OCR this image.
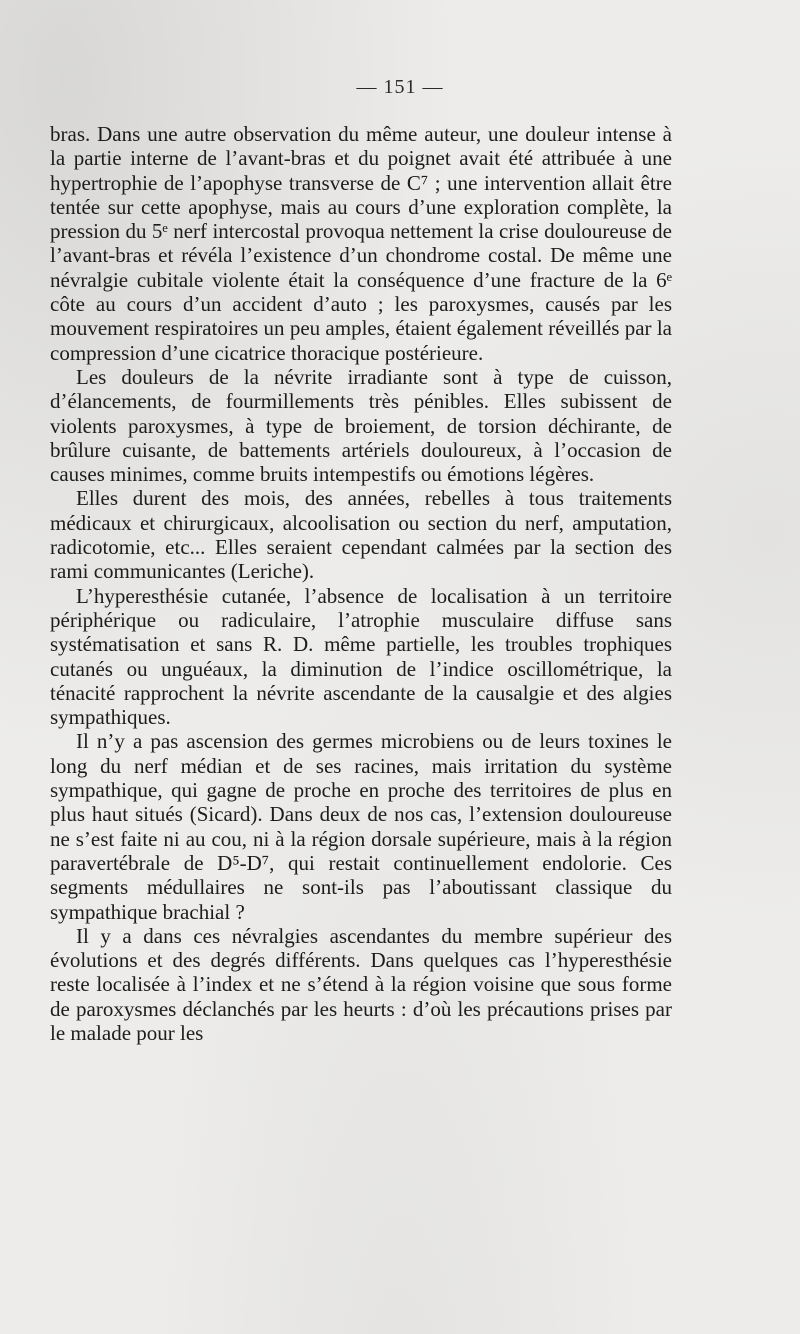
— 151 —

bras. Dans une autre observation du même auteur, une douleur intense à la partie interne de l’avant-bras et du poignet avait été attribuée à une hypertrophie de l’apophyse transverse de C⁷ ; une intervention allait être tentée sur cette apophyse, mais au cours d’une exploration complète, la pression du 5ᵉ nerf intercostal provoqua nettement la crise douloureuse de l’avant-bras et révéla l’existence d’un chondrome costal. De même une névralgie cubitale violente était la conséquence d’une fracture de la 6ᵉ côte au cours d’un accident d’auto ; les paroxysmes, causés par les mouvement respiratoires un peu amples, étaient également réveillés par la compression d’une cicatrice thoracique postérieure.

Les douleurs de la névrite irradiante sont à type de cuisson, d’élancements, de fourmillements très pénibles. Elles subissent de violents paroxysmes, à type de broiement, de torsion déchirante, de brûlure cuisante, de battements artériels douloureux, à l’occasion de causes minimes, comme bruits intempestifs ou émotions légères.

Elles durent des mois, des années, rebelles à tous traitements médicaux et chirurgicaux, alcoolisation ou section du nerf, amputation, radicotomie, etc... Elles seraient cependant calmées par la section des rami communicantes (Leriche).

L’hyperesthésie cutanée, l’absence de localisation à un territoire périphérique ou radiculaire, l’atrophie musculaire diffuse sans systématisation et sans R. D. même partielle, les troubles trophiques cutanés ou unguéaux, la diminution de l’indice oscillométrique, la ténacité rapprochent la névrite ascendante de la causalgie et des algies sympathiques.

Il n’y a pas ascension des germes microbiens ou de leurs toxines le long du nerf médian et de ses racines, mais irritation du système sympathique, qui gagne de proche en proche des territoires de plus en plus haut situés (Sicard). Dans deux de nos cas, l’extension douloureuse ne s’est faite ni au cou, ni à la région dorsale supérieure, mais à la région paravertébrale de D⁵-D⁷, qui restait continuellement endolorie. Ces segments médullaires ne sont-ils pas l’aboutissant classique du sympathique brachial ?

Il y a dans ces névralgies ascendantes du membre supérieur des évolutions et des degrés différents. Dans quelques cas l’hyperesthésie reste localisée à l’index et ne s’étend à la région voisine que sous forme de paroxysmes déclanchés par les heurts : d’où les précautions prises par le malade pour les
